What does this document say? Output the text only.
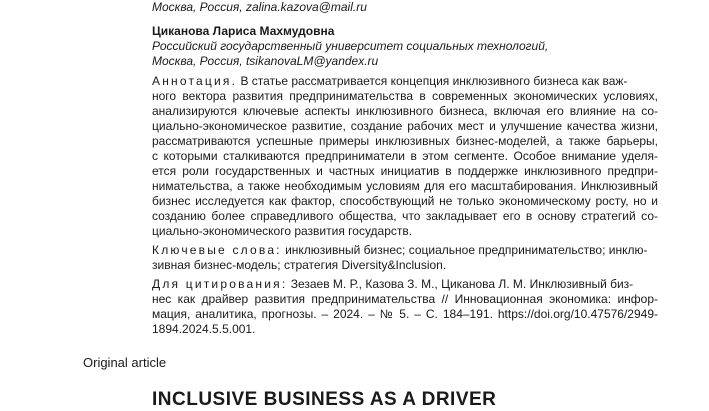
Москва, Россия, zalina.kazova@mail.ru
Циканова Лариса Махмудовна
Российский государственный университет социальных технологий,
Москва, Россия, tsikanovaLM@yandex.ru
Аннотация. В статье рассматривается концепция инклюзивного бизнеса как важ-
ного вектора развития предпринимательства в современных экономических условиях,
анализируются ключевые аспекты инклюзивного бизнеса, включая его влияние на со-
циально-экономическое развитие, создание рабочих мест и улучшение качества жизни,
рассматриваются успешные примеры инклюзивных бизнес-моделей, а также барьеры,
с которыми сталкиваются предприниматели в этом сегменте. Особое внимание уделя-
ется роли государственных и частных инициатив в поддержке инклюзивного предпри-
нимательства, а также необходимым условиям для его масштабирования. Инклюзивный
бизнес исследуется как фактор, способствующий не только экономическому росту, но и
созданию более справедливого общества, что закладывает его в основу стратегий со-
циально-экономического развития государств.
Ключевые слова: инклюзивный бизнес; социальное предпринимательство; инклю-
зивная бизнес-модель; стратегия Diversity&Inclusion.
Для цитирования: Зезаев М. Р., Казова З. М., Циканова Л. М. Инклюзивный биз-
нес как драйвер развития предпринимательства // Инновационная экономика: инфор-
мация, аналитика, прогнозы. – 2024. – № 5. – С. 184–191. https://doi.org/10.47576/2949-
1894.2024.5.5.001.
Original article
INCLUSIVE BUSINESS AS A DRIVER
